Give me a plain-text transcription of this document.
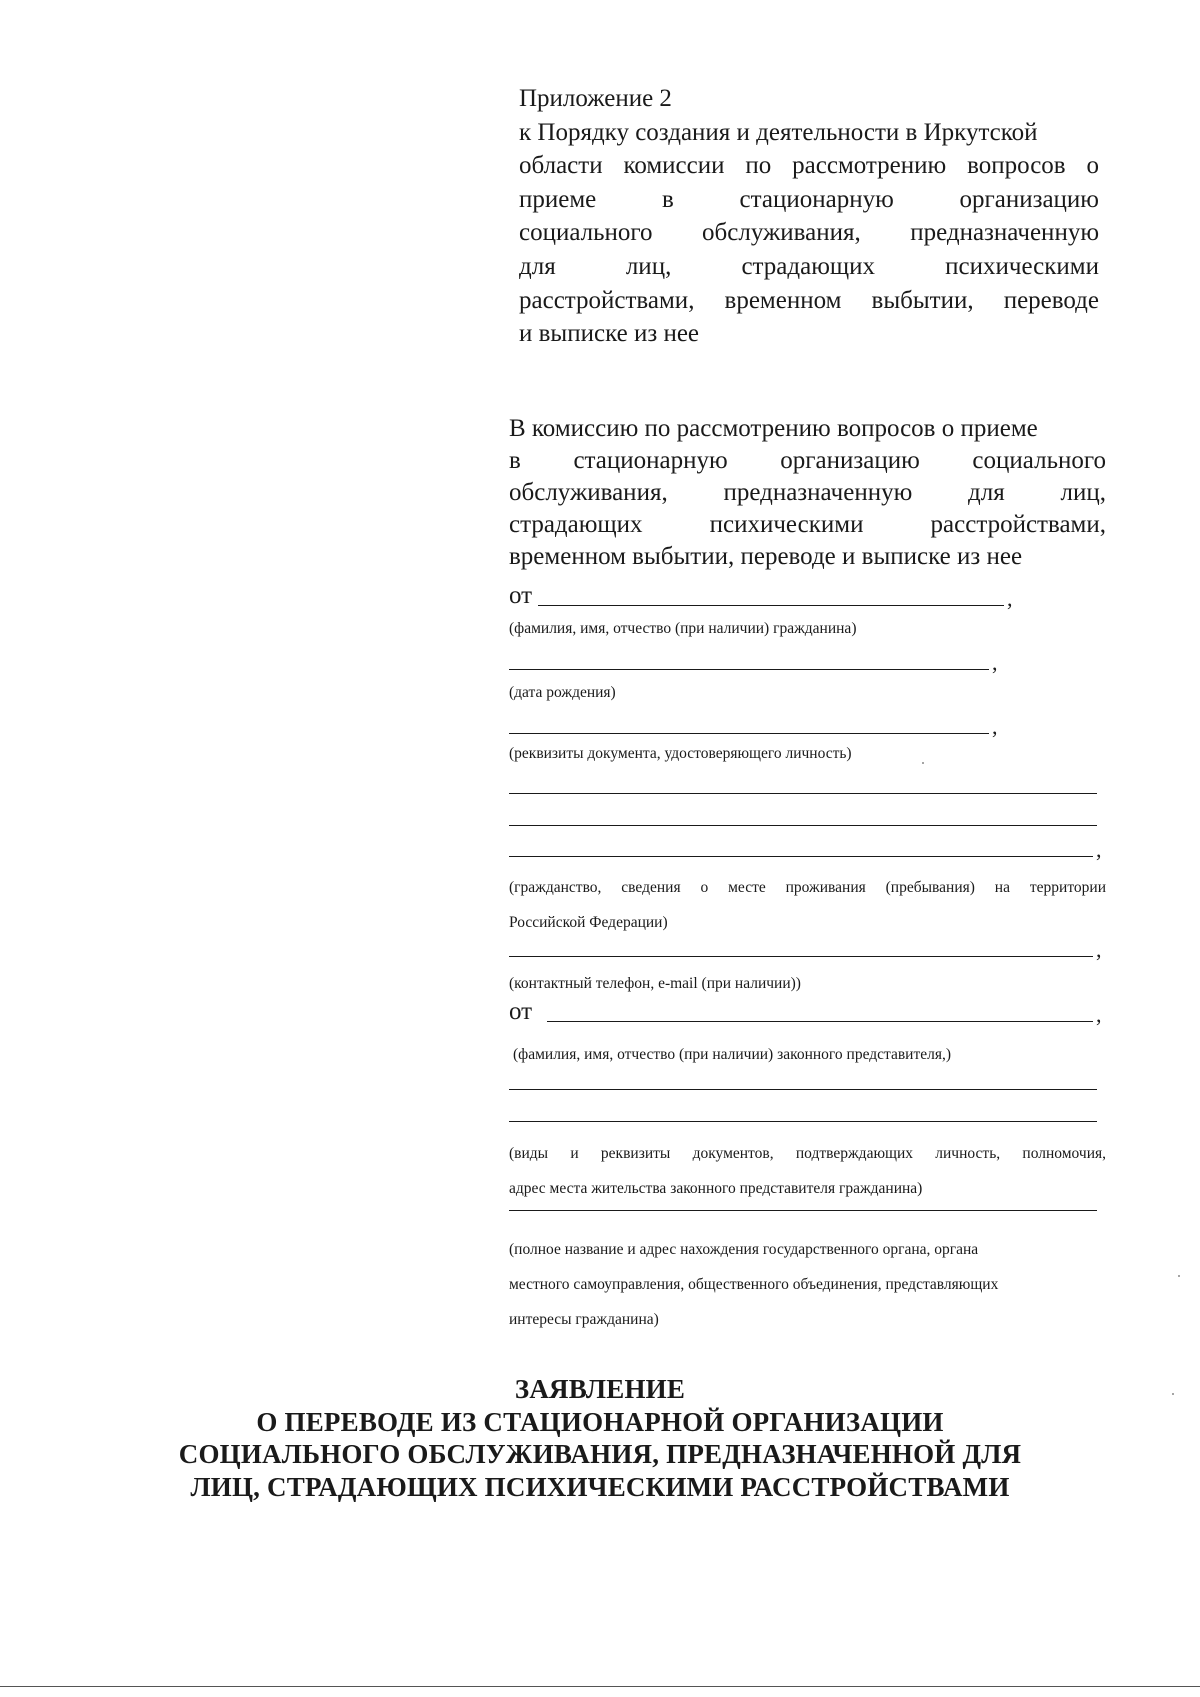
Приложение 2
к Порядку создания и деятельности в Иркутской
области комиссии по рассмотрению вопросов о
приеме в стационарную организацию
социального обслуживания, предназначенную
для лиц, страдающих психическими
расстройствами, временном выбытии, переводе
и выписке из нее
В комиссию по рассмотрению вопросов о приеме
в стационарную организацию социального
обслуживания, предназначенную для лиц,
страдающих психическими расстройствами,
временном выбытии, переводе и выписке из нее
от	,
(фамилия, имя, отчество (при наличии) гражданина)
,
(дата рождения)
,
(реквизиты документа, удостоверяющего личность)
,
(гражданство, сведения о месте проживания (пребывания) на территории
Российской Федерации)
,
(контактный телефон, e-mail (при наличии))
от	,
(фамилия, имя, отчество (при наличии) законного представителя,)
(виды и реквизиты документов, подтверждающих личность, полномочия,
адрес места жительства законного представителя гражданина)
(полное название и адрес нахождения государственного органа, органа
местного самоуправления, общественного объединения, представляющих
интересы гражданина)
ЗАЯВЛЕНИЕ
О ПЕРЕВОДЕ ИЗ СТАЦИОНАРНОЙ ОРГАНИЗАЦИИ
СОЦИАЛЬНОГО ОБСЛУЖИВАНИЯ, ПРЕДНАЗНАЧЕННОЙ ДЛЯ
ЛИЦ, СТРАДАЮЩИХ ПСИХИЧЕСКИМИ РАССТРОЙСТВАМИ
